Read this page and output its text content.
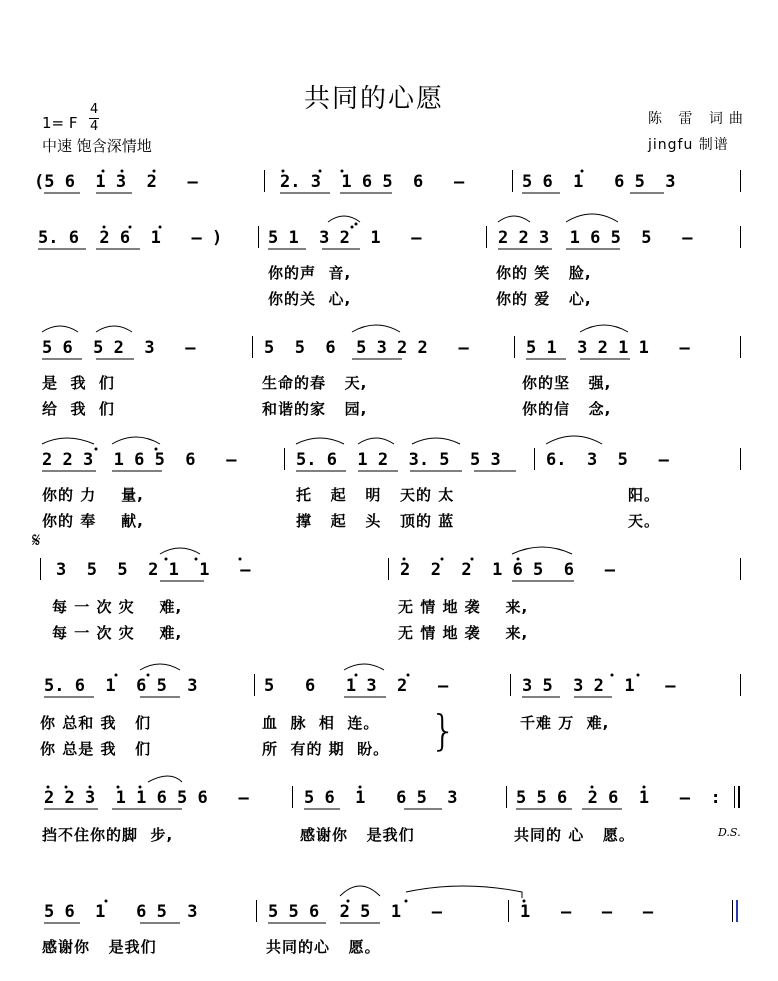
共同的心愿
1= F
4
4
中速 饱含深情地
陈 雷 词曲
jingfu 制谱
(5 6  1 3  2   –	2. 3  1 6 5  6   –	5 6  1   6 5  3
5. 6  2 6  1   – )	5 1  3 2  1   –	2 2 3  1 6 5  5   –
你的声  音,	你的 笑   脸,
你的关  心,	你的 爱   心,
5 6  5 2  3   –	5  5  6  5 3 2 2   –	5 1  3 2 1 1   –
是  我  们	生命的春   天,	你的坚   强,
给  我  们	和谐的家   园,	你的信   念,
2 2 3  1 6 5  6   –	5. 6  1 2  3. 5  5 3	6.  3  5   –
你的 力    量,	托   起   明   天的 太	阳。
你的 奉    献,	撑   起   头   顶的 蓝	天。
𝄋
3  5  5  2 1  1   –	2  2  2  1 6 5  6   –
每 一 次 灾    难,	无 情 地 袭    来,
每 一 次 灾    难,	无 情 地 袭    来,
5. 6  1  6 5  3	5   6   1 3  2   –	3 5  3 2  1   –
你 总和 我   们	血  脉  相  连。	千难 万  难,
你 总是 我   们	所  有的 期  盼。 }
2 2 3  1 1 6 5 6   –	5 6  1   6 5  3	5 5 6  2 6  1   –  :
挡不住你的脚  步,	感谢你   是我们	共同的 心   愿。	D.S.
5 6  1   6 5  3	5 5 6  2 5  1   –	1   –   –   –
感谢你   是我们	共同的心   愿。
